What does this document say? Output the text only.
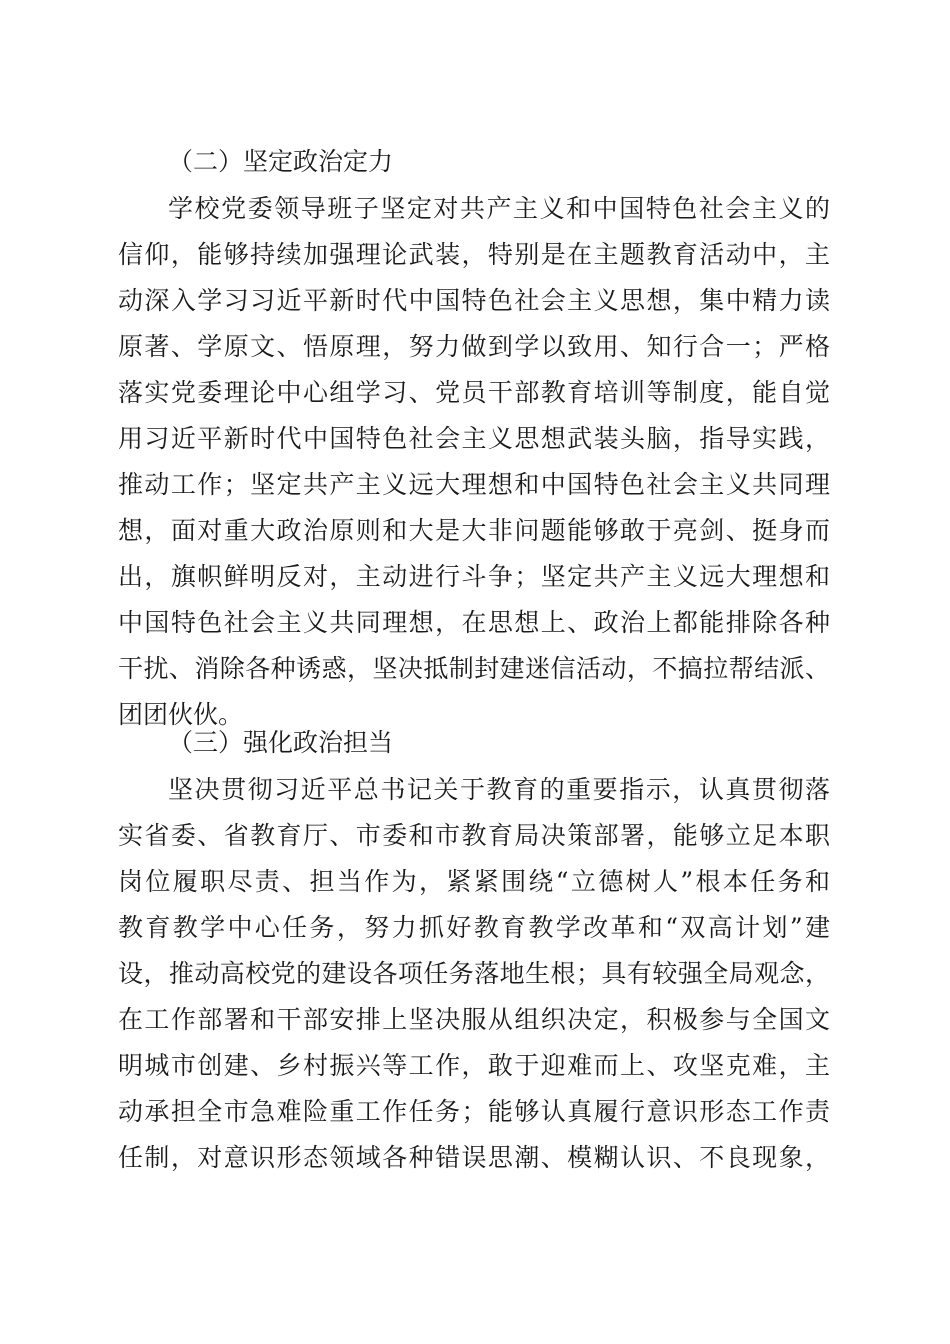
（二）坚定政治定力
学校党委领导班子坚定对共产主义和中国特色社会主义的
信仰，能够持续加强理论武装，特别是在主题教育活动中，主
动深入学习习近平新时代中国特色社会主义思想，集中精力读
原著、学原文、悟原理，努力做到学以致用、知行合一；严格
落实党委理论中心组学习、党员干部教育培训等制度，能自觉
用习近平新时代中国特色社会主义思想武装头脑，指导实践，
推动工作；坚定共产主义远大理想和中国特色社会主义共同理
想，面对重大政治原则和大是大非问题能够敢于亮剑、挺身而
出，旗帜鲜明反对，主动进行斗争；坚定共产主义远大理想和
中国特色社会主义共同理想，在思想上、政治上都能排除各种
干扰、消除各种诱惑，坚决抵制封建迷信活动，不搞拉帮结派、
团团伙伙。
（三）强化政治担当
坚决贯彻习近平总书记关于教育的重要指示，认真贯彻落
实省委、省教育厅、市委和市教育局决策部署，能够立足本职
岗位履职尽责、担当作为，紧紧围绕“立德树人”根本任务和
教育教学中心任务，努力抓好教育教学改革和“双高计划”建
设，推动高校党的建设各项任务落地生根；具有较强全局观念，
在工作部署和干部安排上坚决服从组织决定，积极参与全国文
明城市创建、乡村振兴等工作，敢于迎难而上、攻坚克难，主
动承担全市急难险重工作任务；能够认真履行意识形态工作责
任制，对意识形态领域各种错误思潮、模糊认识、不良现象，
